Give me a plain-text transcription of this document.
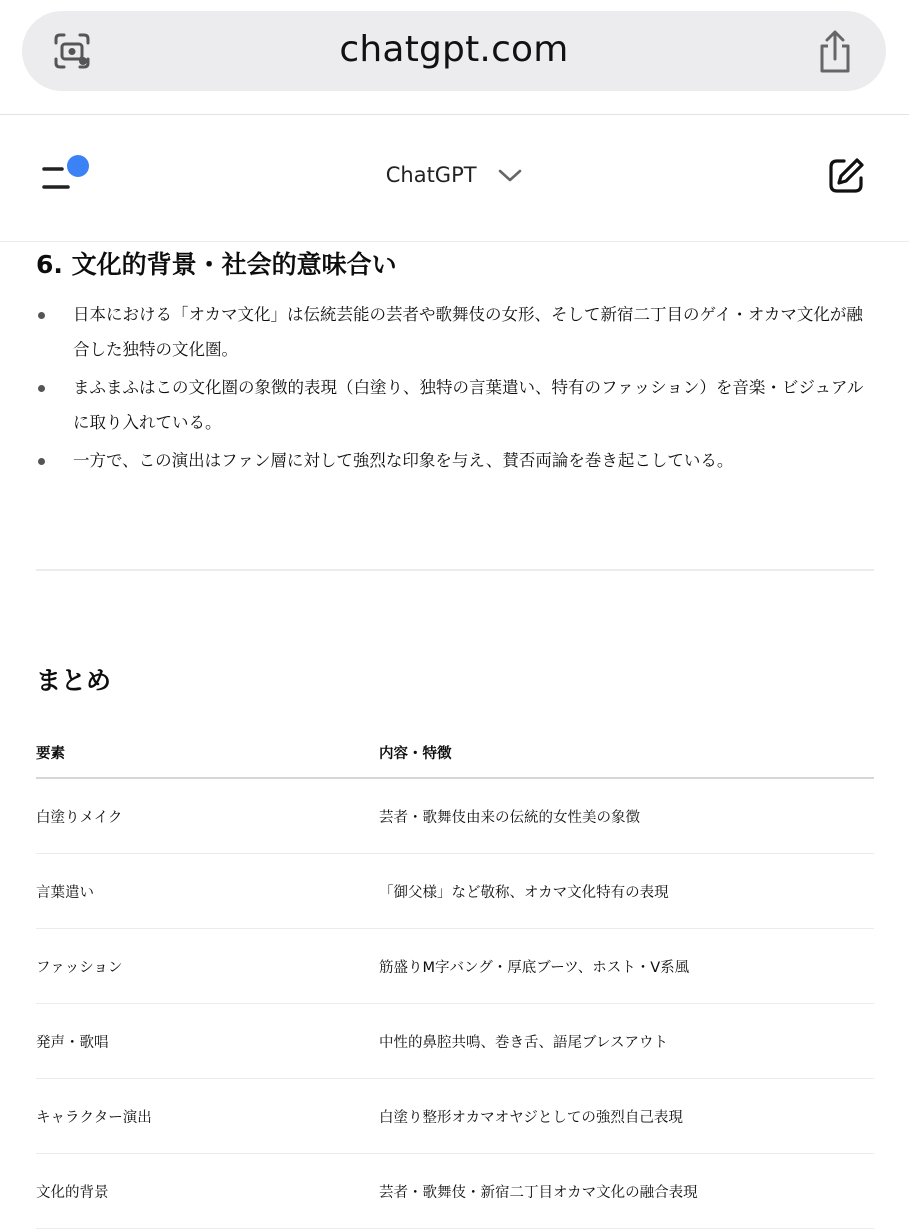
chatgpt.com
ChatGPT
6. 文化的背景・社会的意味合い
日本における「オカマ文化」は伝統芸能の芸者や歌舞伎の女形、そして新宿二丁目のゲイ・オカマ文化が融合した独特の文化圏。
まふまふはこの文化圏の象徴的表現（白塗り、独特の言葉遣い、特有のファッション）を音楽・ビジュアルに取り入れている。
一方で、この演出はファン層に対して強烈な印象を与え、賛否両論を巻き起こしている。
まとめ
要素	内容・特徴
白塗りメイク	芸者・歌舞伎由来の伝統的女性美の象徴
言葉遣い	「御父様」など敬称、オカマ文化特有の表現
ファッション	筋盛りM字バング・厚底ブーツ、ホスト・V系風
発声・歌唱	中性的鼻腔共鳴、巻き舌、語尾ブレスアウト
キャラクター演出	白塗り整形オカマオヤジとしての強烈自己表現
文化的背景	芸者・歌舞伎・新宿二丁目オカマ文化の融合表現
